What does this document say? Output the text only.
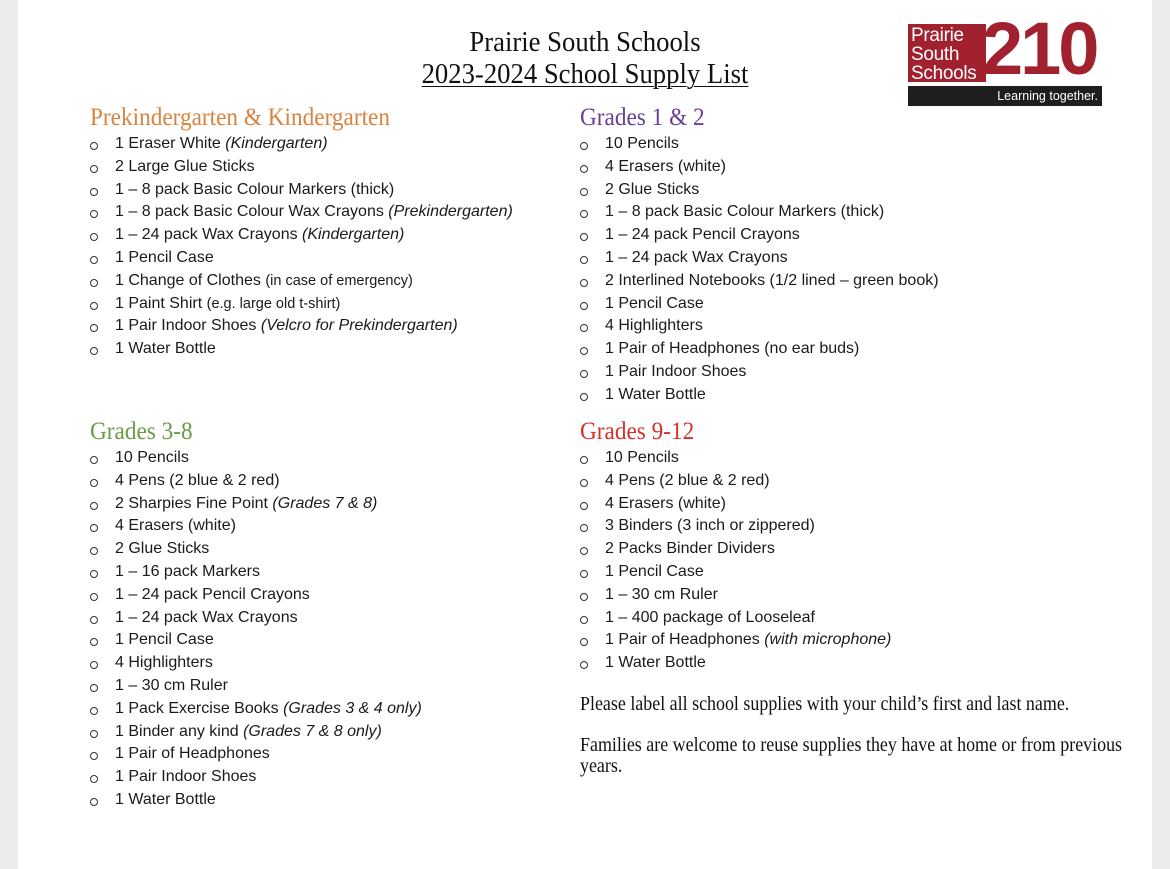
Prairie South Schools
2023-2024 School Supply List
Prairie
South
Schools 210
Learning together.
Prekindergarten & Kindergarten
1 Eraser White (Kindergarten)
2 Large Glue Sticks
1 – 8 pack Basic Colour Markers (thick)
1 – 8 pack Basic Colour Wax Crayons (Prekindergarten)
1 – 24 pack Wax Crayons (Kindergarten)
1 Pencil Case
1 Change of Clothes (in case of emergency)
1 Paint Shirt (e.g. large old t-shirt)
1 Pair Indoor Shoes (Velcro for Prekindergarten)
1 Water Bottle
Grades 1 & 2
10 Pencils
4 Erasers (white)
2 Glue Sticks
1 – 8 pack Basic Colour Markers (thick)
1 – 24 pack Pencil Crayons
1 – 24 pack Wax Crayons
2 Interlined Notebooks (1/2 lined – green book)
1 Pencil Case
4 Highlighters
1 Pair of Headphones (no ear buds)
1 Pair Indoor Shoes
1 Water Bottle
Grades 3-8
10 Pencils
4 Pens (2 blue & 2 red)
2 Sharpies Fine Point (Grades 7 & 8)
4 Erasers (white)
2 Glue Sticks
1 – 16 pack Markers
1 – 24 pack Pencil Crayons
1 – 24 pack Wax Crayons
1 Pencil Case
4 Highlighters
1 – 30 cm Ruler
1 Pack Exercise Books (Grades 3 & 4 only)
1 Binder any kind (Grades 7 & 8 only)
1 Pair of Headphones
1 Pair Indoor Shoes
1 Water Bottle
Grades 9-12
10 Pencils
4 Pens (2 blue & 2 red)
4 Erasers (white)
3 Binders (3 inch or zippered)
2 Packs Binder Dividers
1 Pencil Case
1 – 30 cm Ruler
1 – 400 package of Looseleaf
1 Pair of Headphones (with microphone)
1 Water Bottle

Please label all school supplies with your child’s first and last name.

Families are welcome to reuse supplies they have at home or from previous years.
